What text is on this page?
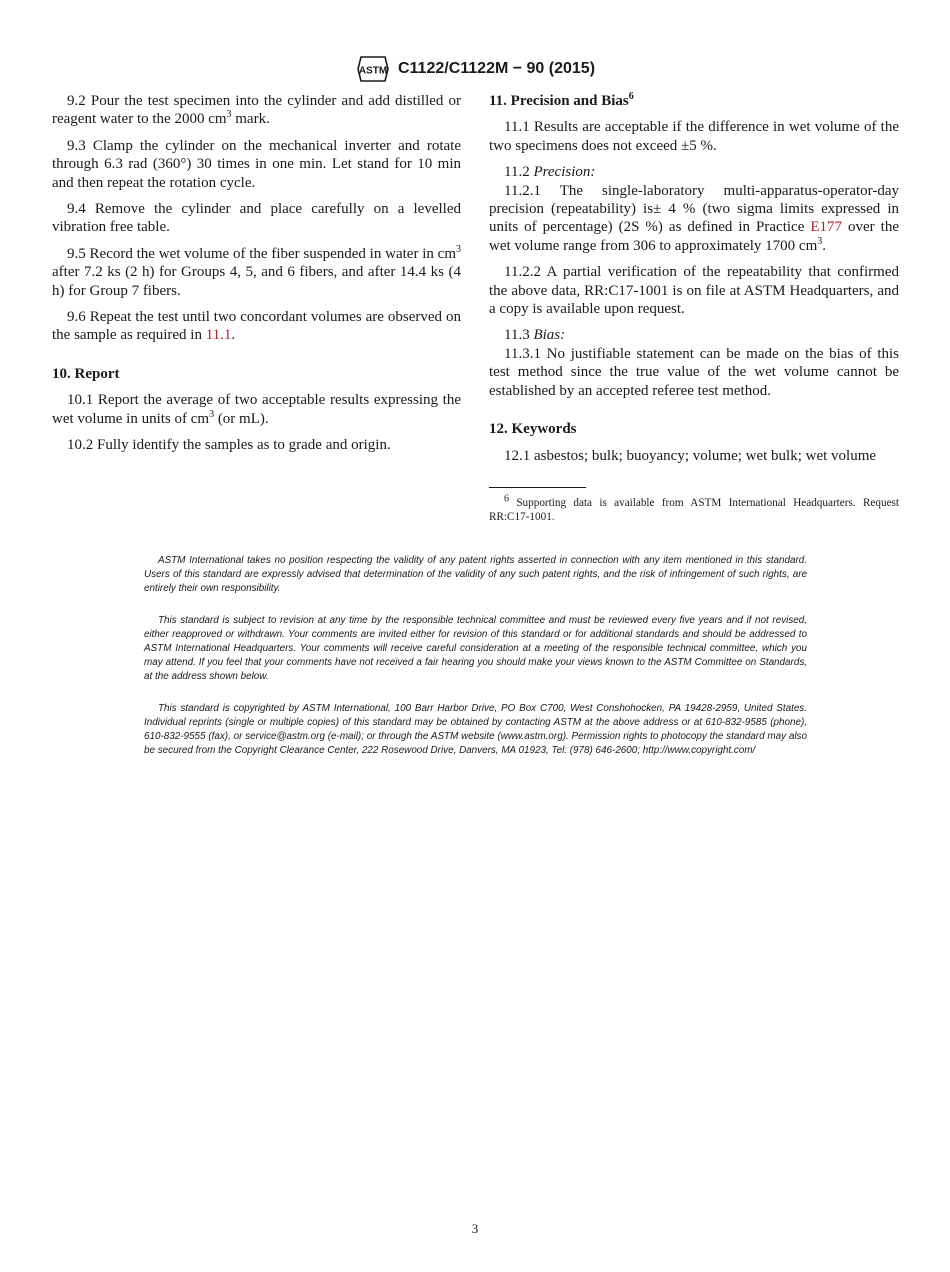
ASTM C1122/C1122M − 90 (2015)

9.2 Pour the test specimen into the cylinder and add distilled or reagent water to the 2000 $cm^3$ mark.

9.3 Clamp the cylinder on the mechanical inverter and rotate through 6.3 rad (360°) 30 times in one min. Let stand for 10 min and then repeat the rotation cycle.

9.4 Remove the cylinder and place carefully on a levelled vibration free table.

9.5 Record the wet volume of the fiber suspended in water in $cm^3$ after 7.2 ks (2 h) for Groups 4, 5, and 6 fibers, and after 14.4 ks (4 h) for Group 7 fibers.

9.6 Repeat the test until two concordant volumes are observed on the sample as required in 11.1.

10. Report

10.1 Report the average of two acceptable results expressing the wet volume in units of $cm^3$ (or mL).

10.2 Fully identify the samples as to grade and origin.

11. Precision and Bias$^6$

11.1 Results are acceptable if the difference in wet volume of the two specimens does not exceed ±5 %.

11.2 Precision:

11.2.1 The single-laboratory multi-apparatus-operator-day precision (repeatability) is± 4 % (two sigma limits expressed in units of percentage) (2S %) as defined in Practice E177 over the wet volume range from 306 to approximately 1700 $cm^3$.

11.2.2 A partial verification of the repeatability that confirmed the above data, RR:C17-1001 is on file at ASTM Headquarters, and a copy is available upon request.

11.3 Bias:

11.3.1 No justifiable statement can be made on the bias of this test method since the true value of the wet volume cannot be established by an accepted referee test method.

12. Keywords

12.1 asbestos; bulk; buoyancy; volume; wet bulk; wet volume

$^6$ Supporting data is available from ASTM International Headquarters. Request RR:C17-1001.

ASTM International takes no position respecting the validity of any patent rights asserted in connection with any item mentioned in this standard. Users of this standard are expressly advised that determination of the validity of any such patent rights, and the risk of infringement of such rights, are entirely their own responsibility.

This standard is subject to revision at any time by the responsible technical committee and must be reviewed every five years and if not revised, either reapproved or withdrawn. Your comments are invited either for revision of this standard or for additional standards and should be addressed to ASTM International Headquarters. Your comments will receive careful consideration at a meeting of the responsible technical committee, which you may attend. If you feel that your comments have not received a fair hearing you should make your views known to the ASTM Committee on Standards, at the address shown below.

This standard is copyrighted by ASTM International, 100 Barr Harbor Drive, PO Box C700, West Conshohocken, PA 19428-2959, United States. Individual reprints (single or multiple copies) of this standard may be obtained by contacting ASTM at the above address or at 610-832-9585 (phone), 610-832-9555 (fax), or service@astm.org (e-mail); or through the ASTM website (www.astm.org). Permission rights to photocopy the standard may also be secured from the Copyright Clearance Center, 222 Rosewood Drive, Danvers, MA 01923, Tel: (978) 646-2600; http://www.copyright.com/

3
